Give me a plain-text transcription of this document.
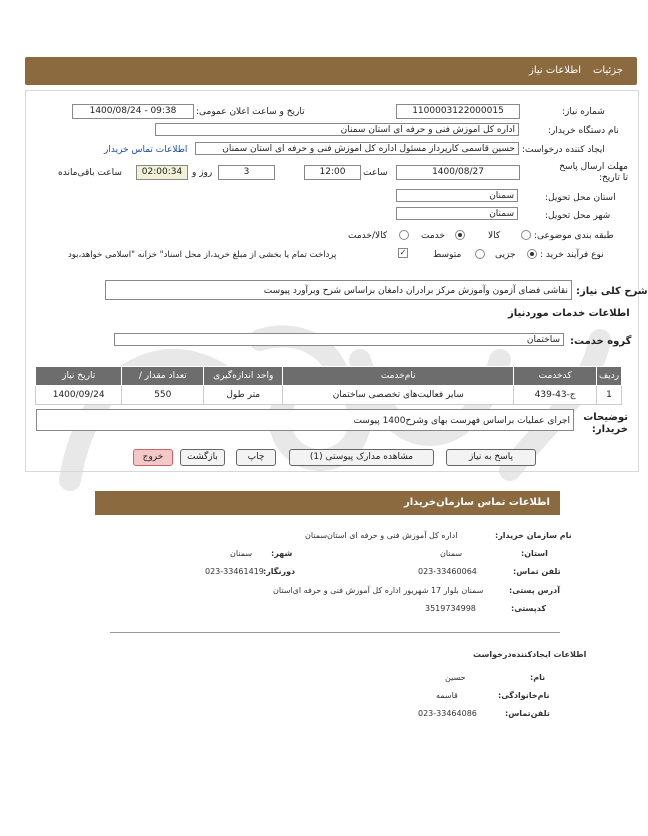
جزئیات
اطلاعات نیاز
شماره نیاز:
1100003122000015
تاریخ و ساعت اعلان عمومی:
1400/08/24 - 09:38
نام دستگاه خریدار:
اداره کل اموزش فنی و حرفه ای استان سمنان
ایجاد کننده درخواست:
حسین قاسمی کارپرداز مسئول اداره کل اموزش فنی و حرفه ای استان سمنان
اطلاعات تماس خریدار
مهلت ارسال پاسخ تا تاریخ:
1400/08/27
ساعت
12:00
3
روز و
02:00:34
ساعت باقی‌مانده
استان محل تحویل:
سمنان
شهر محل تحویل:
سمنان
طبقه بندی موضوعی:
کالا
خدمت
کالا/خدمت
نوع فرآیند خرید :
جزیی
متوسط
✓
پرداخت تمام یا بخشی از مبلغ خرید،از محل اسناد" خزانه "اسلامی خواهد،بود
شرح کلی نیاز:
نقاشی فضای آزمون وآموزش مرکز برادران دامغان براساس شرح وبرآورد پیوست
اطلاعات خدمات موردنیاز
گروه خدمت:
ساختمان
ردیف	کدخدمت	نام‌خدمت	واحد اندازه‌گیری	تعداد مقدار /	تاریخ نیاز
1	ج-43-439	سایر فعالیت‌های تخصصی ساختمان	متر طول	550	1400/09/24
توضیحات خریدار:
اجرای عملیات براساس فهرست بهای وشرح1400 پیوست
پاسخ به نیاز
مشاهده مدارک پیوستی (1)
چاپ
بازگشت
خروج
اطلاعات تماس سازمان‌خریدار
نام سازمان خریدار:
اداره کل آموزش فنی و حرفه ای استان‌سمنان
استان:
سمنان
شهر:
سمنان
تلفن تماس:
023-33460064
دورنگار:
023-33461419
آدرس پستی:
سمنان بلوار 17 شهریور اداره کل آموزش فنی و حرفه ای‌استان
کدپستی:
3519734998
اطلاعات ایجادکننده‌درخواست
نام:
حسین
نام‌خانوادگی:
قاسمه
تلفن‌تماس:
023-33464086
